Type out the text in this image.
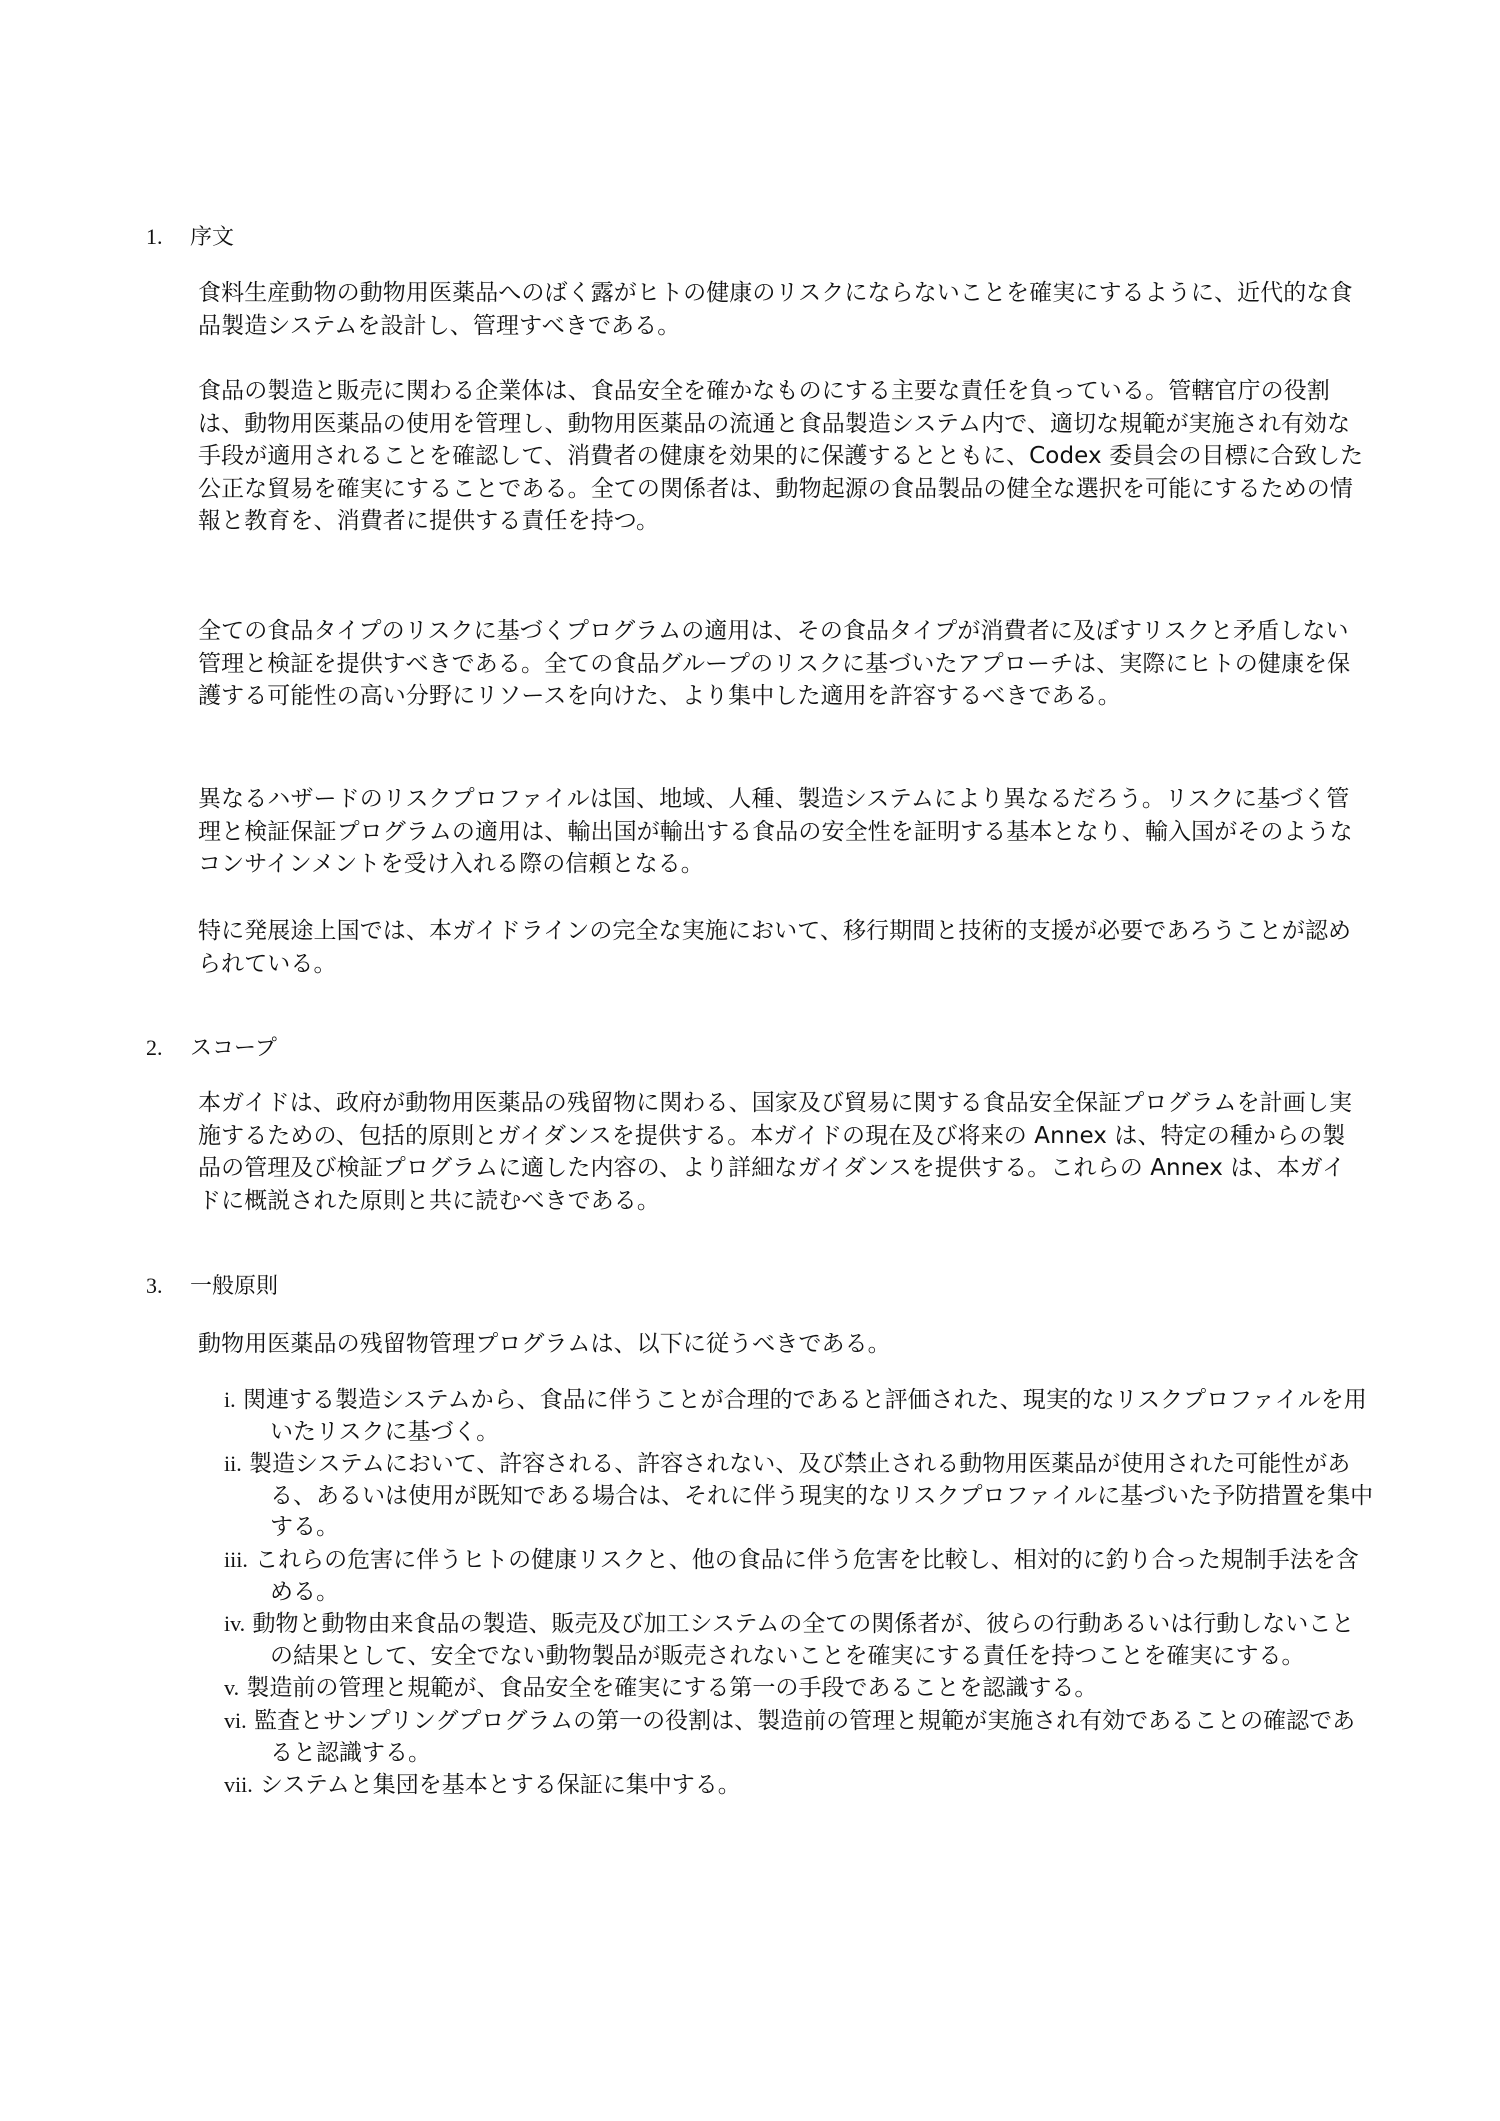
1. 序文

食料生産動物の動物用医薬品へのばく露がヒトの健康のリスクにならないことを確実にするように、近代的な食品製造システムを設計し、管理すべきである。

食品の製造と販売に関わる企業体は、食品安全を確かなものにする主要な責任を負っている。管轄官庁の役割は、動物用医薬品の使用を管理し、動物用医薬品の流通と食品製造システム内で、適切な規範が実施され有効な手段が適用されることを確認して、消費者の健康を効果的に保護するとともに、Codex 委員会の目標に合致した公正な貿易を確実にすることである。全ての関係者は、動物起源の食品製品の健全な選択を可能にするための情報と教育を、消費者に提供する責任を持つ。

全ての食品タイプのリスクに基づくプログラムの適用は、その食品タイプが消費者に及ぼすリスクと矛盾しない管理と検証を提供すべきである。全ての食品グループのリスクに基づいたアプローチは、実際にヒトの健康を保護する可能性の高い分野にリソースを向けた、より集中した適用を許容するべきである。

異なるハザードのリスクプロファイルは国、地域、人種、製造システムにより異なるだろう。リスクに基づく管理と検証保証プログラムの適用は、輸出国が輸出する食品の安全性を証明する基本となり、輸入国がそのようなコンサインメントを受け入れる際の信頼となる。

特に発展途上国では、本ガイドラインの完全な実施において、移行期間と技術的支援が必要であろうことが認められている。

2. スコープ

本ガイドは、政府が動物用医薬品の残留物に関わる、国家及び貿易に関する食品安全保証プログラムを計画し実施するための、包括的原則とガイダンスを提供する。本ガイドの現在及び将来の Annex は、特定の種からの製品の管理及び検証プログラムに適した内容の、より詳細なガイダンスを提供する。これらの Annex は、本ガイドに概説された原則と共に読むべきである。

3. 一般原則

動物用医薬品の残留物管理プログラムは、以下に従うべきである。

i. 関連する製造システムから、食品に伴うことが合理的であると評価された、現実的なリスクプロファイルを用いたリスクに基づく。
ii. 製造システムにおいて、許容される、許容されない、及び禁止される動物用医薬品が使用された可能性がある、あるいは使用が既知である場合は、それに伴う現実的なリスクプロファイルに基づいた予防措置を集中する。
iii. これらの危害に伴うヒトの健康リスクと、他の食品に伴う危害を比較し、相対的に釣り合った規制手法を含める。
iv. 動物と動物由来食品の製造、販売及び加工システムの全ての関係者が、彼らの行動あるいは行動しないことの結果として、安全でない動物製品が販売されないことを確実にする責任を持つことを確実にする。
v. 製造前の管理と規範が、食品安全を確実にする第一の手段であることを認識する。
vi. 監査とサンプリングプログラムの第一の役割は、製造前の管理と規範が実施され有効であることの確認であると認識する。
vii. システムと集団を基本とする保証に集中する。
